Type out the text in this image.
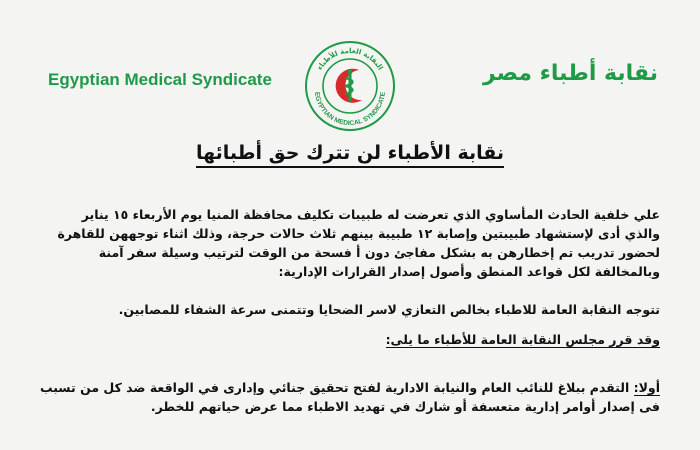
Egyptian Medical Syndicate
النقابة العامة للأطباء
EGYPTIAN MEDICAL SYNDICATE
نقابة أطباء مصر
نقابة الأطباء لن تترك حق أطبائها
علي خلفية الحادث المأساوي الذي تعرضت له طبيبات تكليف محافظة المنيا يوم الأربعاء ١٥ يناير
والذي أدى لإستشهاد طبيبتين وإصابة ١٢ طبيبة بينهم ثلاث حالات حرجة، وذلك اثناء توجههن للقاهرة
لحضور تدريب تم إخطارهن به بشكل مفاجئ دون أ فسحة من الوقت لترتيب وسيلة سفر آمنة
وبالمخالفة لكل قواعد المنطق وأصول إصدار القرارات الإدارية:
تتوجه النقابة العامة للاطباء بخالص التعازي لاسر الضحايا وتتمنى سرعة الشفاء للمصابين.
وقد قرر مجلس النقابة العامة للأطباء ما يلى:
أولا: التقدم ببلاغ للنائب العام والنيابة الادارية لفتح تحقيق جنائي وإدارى في الواقعة ضد كل من تسبب
فى إصدار أوامر إدارية متعسفة أو شارك في تهديد الاطباء مما عرض حياتهم للخطر.
